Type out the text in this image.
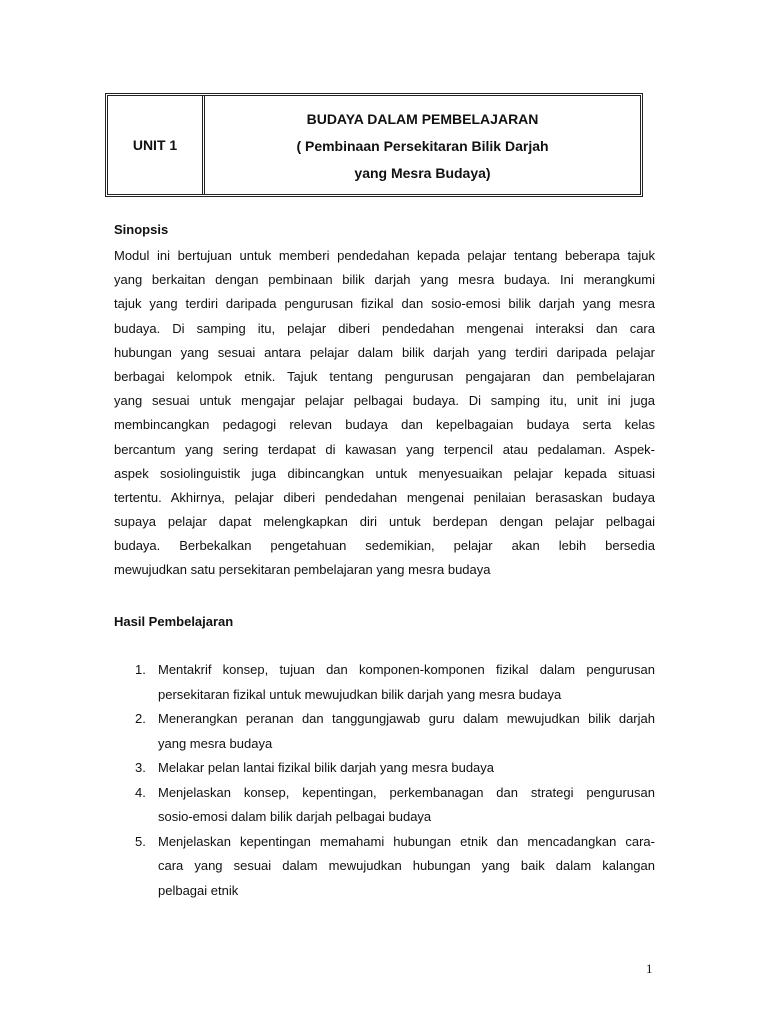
UNIT 1
BUDAYA DALAM PEMBELAJARAN
( Pembinaan Persekitaran Bilik Darjah
yang Mesra Budaya)
Sinopsis
Modul ini bertujuan untuk memberi pendedahan kepada pelajar tentang beberapa tajuk
yang berkaitan dengan pembinaan bilik darjah yang mesra budaya. Ini merangkumi
tajuk yang terdiri daripada pengurusan fizikal dan sosio-emosi bilik darjah yang mesra
budaya. Di samping itu, pelajar diberi pendedahan mengenai interaksi dan cara
hubungan yang sesuai antara pelajar dalam bilik darjah yang terdiri daripada pelajar
berbagai kelompok etnik. Tajuk tentang pengurusan pengajaran dan pembelajaran
yang sesuai untuk mengajar pelajar pelbagai budaya. Di samping itu, unit ini juga
membincangkan pedagogi relevan budaya dan kepelbagaian budaya serta kelas
bercantum yang sering terdapat di kawasan yang terpencil atau pedalaman. Aspek-
aspek sosiolinguistik juga dibincangkan untuk menyesuaikan pelajar kepada situasi
tertentu. Akhirnya, pelajar diberi pendedahan mengenai penilaian berasaskan budaya
supaya pelajar dapat melengkapkan diri untuk berdepan dengan pelajar pelbagai
budaya. Berbekalkan pengetahuan sedemikian, pelajar akan lebih bersedia
mewujudkan satu persekitaran pembelajaran yang mesra budaya
Hasil Pembelajaran
1. Mentakrif konsep, tujuan dan komponen-komponen fizikal dalam pengurusan
persekitaran fizikal untuk mewujudkan bilik darjah yang mesra budaya
2. Menerangkan peranan dan tanggungjawab guru dalam mewujudkan bilik darjah
yang mesra budaya
3. Melakar pelan lantai fizikal bilik darjah yang mesra budaya
4. Menjelaskan konsep, kepentingan, perkembanagan dan strategi pengurusan
sosio-emosi dalam bilik darjah pelbagai budaya
5. Menjelaskan kepentingan memahami hubungan etnik dan mencadangkan cara-
cara yang sesuai dalam mewujudkan hubungan yang baik dalam kalangan
pelbagai etnik
1
